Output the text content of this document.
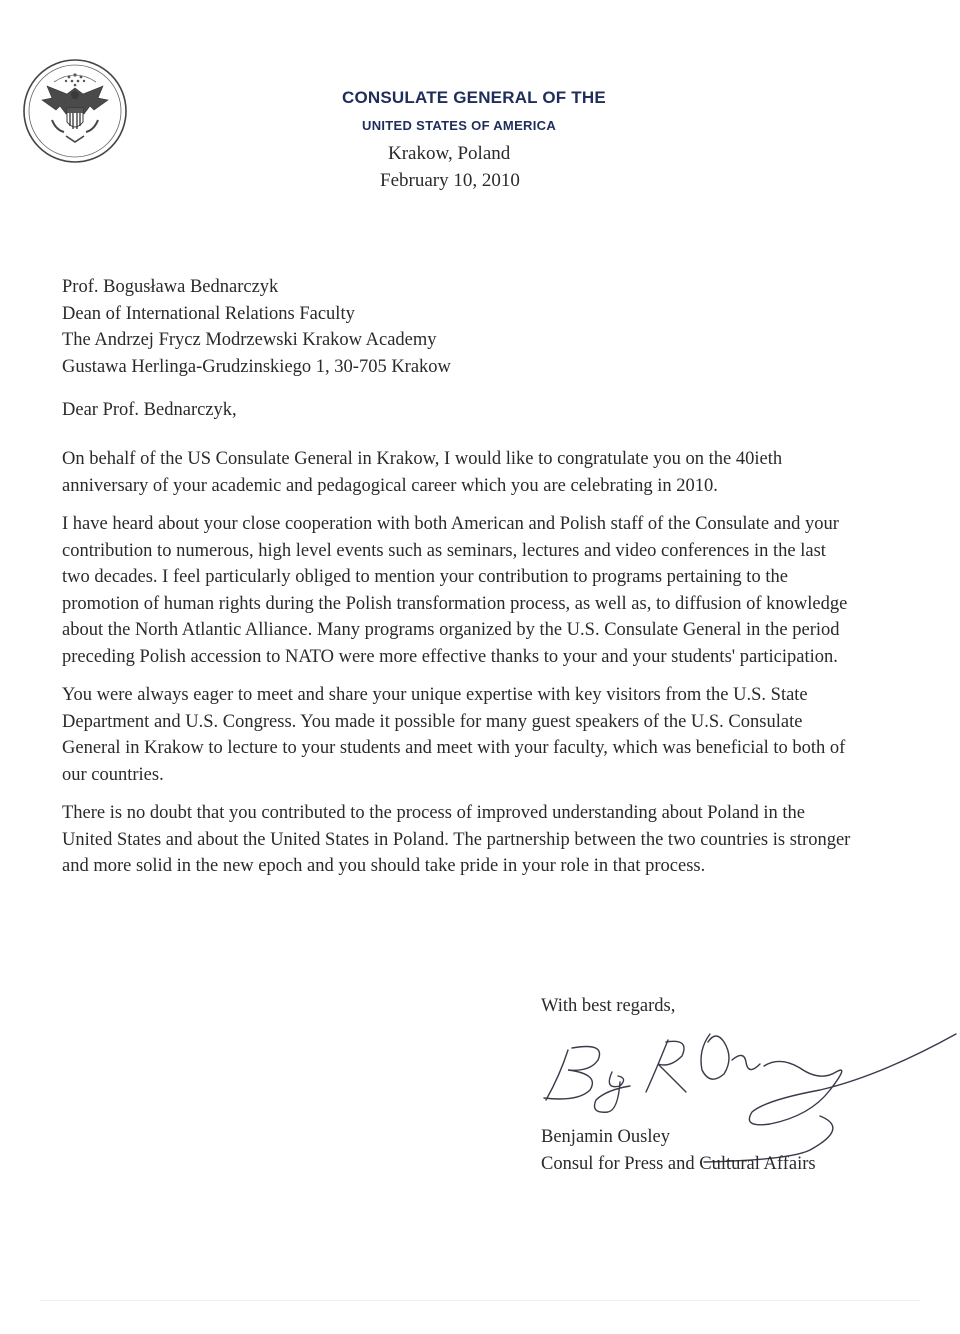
CONSULATE GENERAL OF THE
UNITED STATES OF AMERICA
Krakow, Poland
February 10, 2010
Prof. Bogusława Bednarczyk
Dean of International Relations Faculty
The Andrzej Frycz Modrzewski Krakow Academy
Gustawa Herlinga-Grudzinskiego 1, 30-705 Krakow
Dear Prof. Bednarczyk,

On behalf of the US Consulate General in Krakow, I would like to congratulate you on the 40ieth anniversary of your academic and pedagogical career which you are celebrating in 2010.

I have heard about your close cooperation with both American and Polish staff of the Consulate and your contribution to numerous, high level events such as seminars, lectures and video conferences in the last two decades. I feel particularly obliged to mention your contribution to programs pertaining to the promotion of human rights during the Polish transformation process, as well as, to diffusion of knowledge about the North Atlantic Alliance. Many programs organized by the U.S. Consulate General in the period preceding Polish accession to NATO were more effective thanks to your and your students' participation.

You were always eager to meet and share your unique expertise with key visitors from the U.S. State Department and U.S. Congress. You made it possible for many guest speakers of the U.S. Consulate General in Krakow to lecture to your students and meet with your faculty, which was beneficial to both of our countries.

There is no doubt that you contributed to the process of improved understanding about Poland in the United States and about the United States in Poland. The partnership between the two countries is stronger and more solid in the new epoch and you should take pride in your role in that process.

With best regards,
Benjamin Ousley
Consul for Press and Cultural Affairs
